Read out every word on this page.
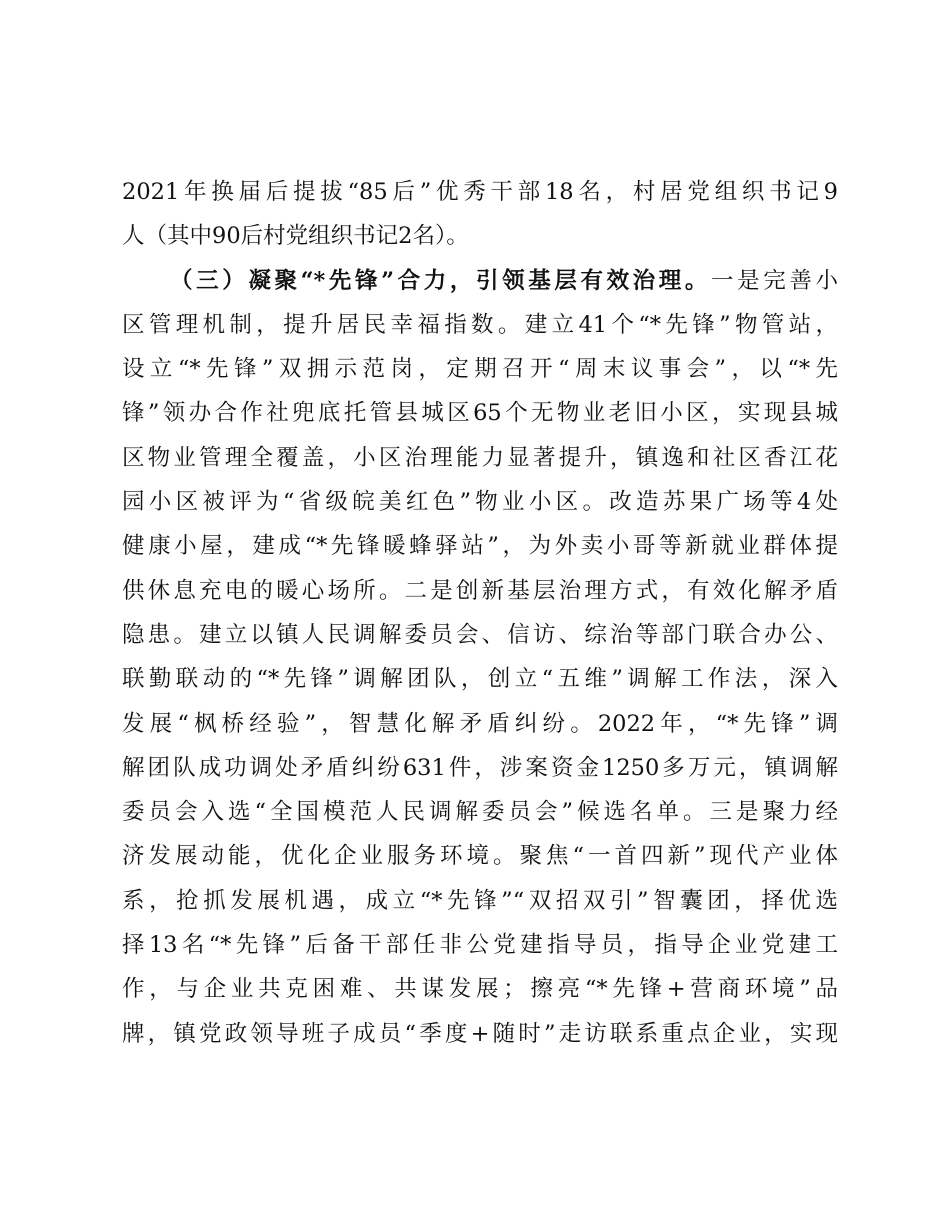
2021年换届后提拔“85后”优秀干部18名，村居党组织书记9
人（其中90后村党组织书记2名）。
（三）凝聚“*先锋”合力，引领基层有效治理。一是完善小
区管理机制，提升居民幸福指数。建立41个“*先锋”物管站，
设立“*先锋”双拥示范岗，定期召开“周末议事会”，以“*先
锋”领办合作社兜底托管县城区65个无物业老旧小区，实现县城
区物业管理全覆盖，小区治理能力显著提升，镇逸和社区香江花
园小区被评为“省级皖美红色”物业小区。改造苏果广场等4处
健康小屋，建成“*先锋暖蜂驿站”，为外卖小哥等新就业群体提
供休息充电的暖心场所。二是创新基层治理方式，有效化解矛盾
隐患。建立以镇人民调解委员会、信访、综治等部门联合办公、
联勤联动的“*先锋”调解团队，创立“五维”调解工作法，深入
发展“枫桥经验”，智慧化解矛盾纠纷。2022年，“*先锋”调
解团队成功调处矛盾纠纷631件，涉案资金1250多万元，镇调解
委员会入选“全国模范人民调解委员会”候选名单。三是聚力经
济发展动能，优化企业服务环境。聚焦“一首四新”现代产业体
系，抢抓发展机遇，成立“*先锋”“双招双引”智囊团，择优选
择13名“*先锋”后备干部任非公党建指导员，指导企业党建工
作，与企业共克困难、共谋发展；擦亮“*先锋+营商环境”品
牌，镇党政领导班子成员“季度+随时”走访联系重点企业，实现
